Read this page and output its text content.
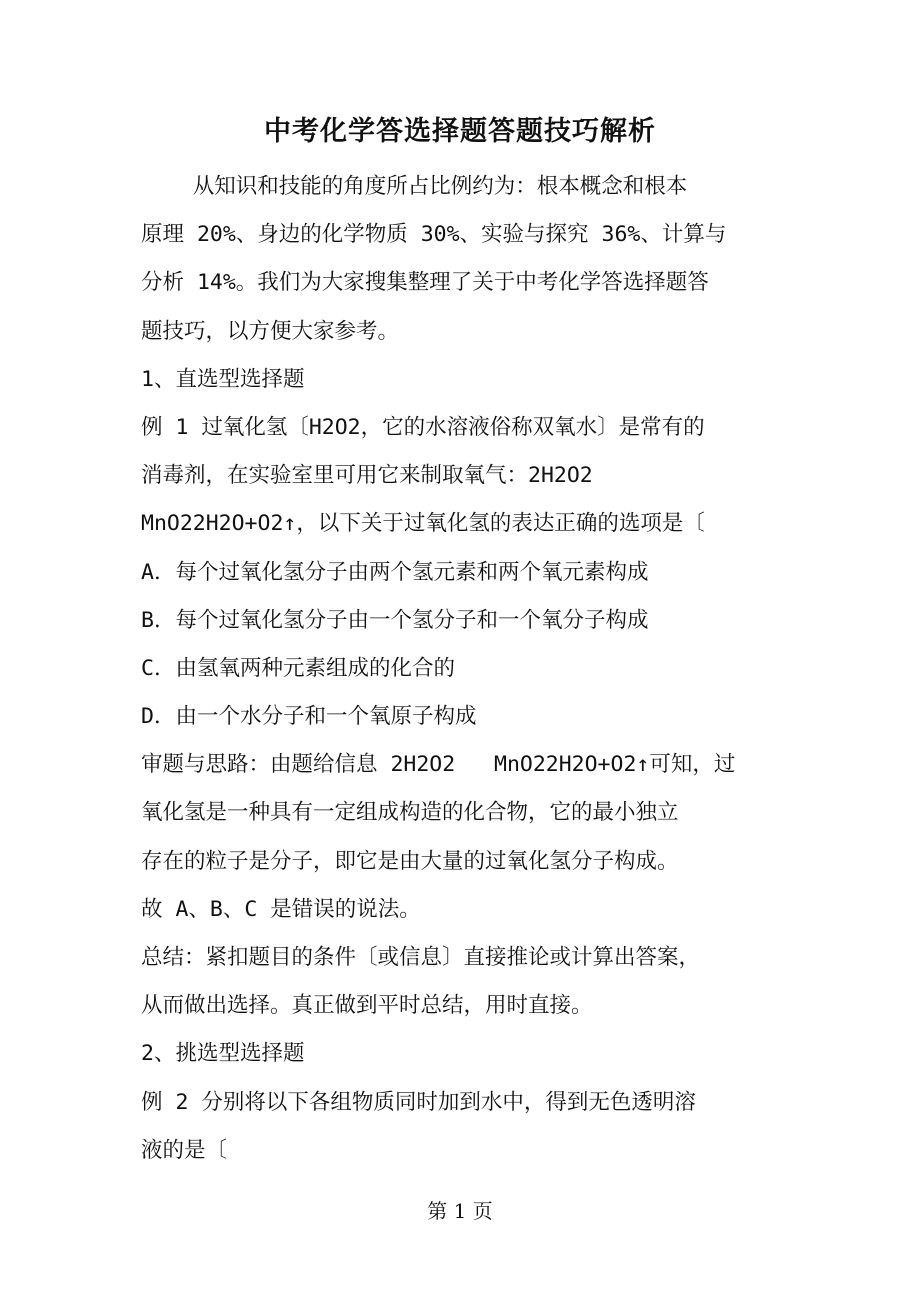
中考化学答选择题答题技巧解析
从知识和技能的角度所占比例约为：根本概念和根本
原理 20%、身边的化学物质 30%、实验与探究 36%、计算与
分析 14%。我们为大家搜集整理了关于中考化学答选择题答
题技巧，以方便大家参考。
1、直选型选择题
例 1 过氧化氢〔H2O2，它的水溶液俗称双氧水〕是常有的
消毒剂，在实验室里可用它来制取氧气：2H2O2
MnO22H2O+O2↑，以下关于过氧化氢的表达正确的选项是〔
A．每个过氧化氢分子由两个氢元素和两个氧元素构成
B．每个过氧化氢分子由一个氢分子和一个氧分子构成
C．由氢氧两种元素组成的化合的
D．由一个水分子和一个氧原子构成
审题与思路：由题给信息 2H2O2   MnO22H2O+O2↑可知，过
氧化氢是一种具有一定组成构造的化合物，它的最小独立
存在的粒子是分子，即它是由大量的过氧化氢分子构成。
故 A、B、C 是错误的说法。
总结：紧扣题目的条件〔或信息〕直接推论或计算出答案，
从而做出选择。真正做到平时总结，用时直接。
2、挑选型选择题
例 2 分别将以下各组物质同时加到水中，得到无色透明溶
液的是〔
第 1 页
